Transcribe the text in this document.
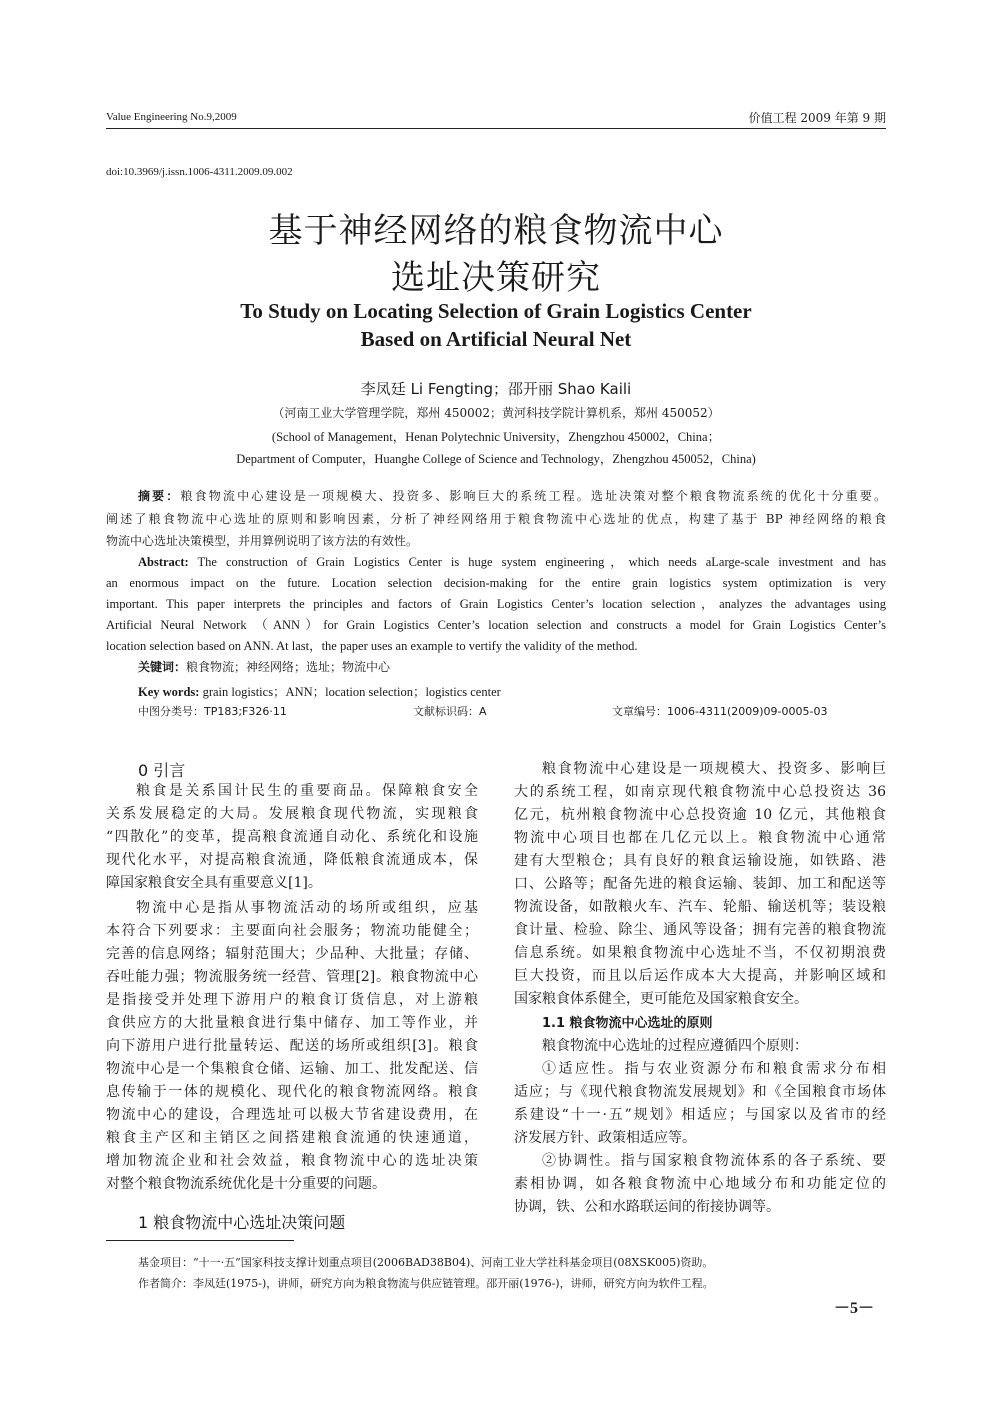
Value Engineering No.9,2009	价值工程 2009 年第 9 期
doi:10.3969/j.issn.1006-4311.2009.09.002
基于神经网络的粮食物流中心
选址决策研究
To Study on Locating Selection of Grain Logistics Center
Based on Artificial Neural Net
李凤廷 Li Fengting；邵开丽 Shao Kaili
（河南工业大学管理学院，郑州 450002；黄河科技学院计算机系，郑州 450052）
(School of Management，Henan Polytechnic University，Zhengzhou 450002，China；
Department of Computer，Huanghe College of Science and Technology，Zhengzhou 450052，China)
摘要：粮食物流中心建设是一项规模大、投资多、影响巨大的系统工程。选址决策对整个粮食物流系统的优化十分重要。
阐述了粮食物流中心选址的原则和影响因素，分析了神经网络用于粮食物流中心选址的优点，构建了基于 BP 神经网络的粮食
物流中心选址决策模型，并用算例说明了该方法的有效性。
Abstract: The construction of Grain Logistics Center is huge system engineering，which needs aLarge-scale investment and has
an enormous impact on the future. Location selection decision-making for the entire grain logistics system optimization is very
important. This paper interprets the principles and factors of Grain Logistics Center’s location selection，analyzes the advantages using
Artificial Neural Network （ANN）for Grain Logistics Center’s location selection and constructs a model for Grain Logistics Center’s
location selection based on ANN. At last，the paper uses an example to vertify the validity of the method.
关键词：粮食物流；神经网络；选址；物流中心
Key words: grain logistics；ANN；location selection；logistics center
中图分类号：TP183;F326·11	文献标识码：A	文章编号：1006-4311(2009)09-0005-03
0 引言
粮食是关系国计民生的重要商品。保障粮食安全
关系发展稳定的大局。发展粮食现代物流，实现粮食
“四散化”的变革，提高粮食流通自动化、系统化和设施
现代化水平，对提高粮食流通，降低粮食流通成本，保
障国家粮食安全具有重要意义[1]。
物流中心是指从事物流活动的场所或组织，应基
本符合下列要求：主要面向社会服务；物流功能健全；
完善的信息网络；辐射范围大；少品种、大批量；存储、
吞吐能力强；物流服务统一经营、管理[2]。粮食物流中心
是指接受并处理下游用户的粮食订货信息，对上游粮
食供应方的大批量粮食进行集中储存、加工等作业，并
向下游用户进行批量转运、配送的场所或组织[3]。粮食
物流中心是一个集粮食仓储、运输、加工、批发配送、信
息传输于一体的规模化、现代化的粮食物流网络。粮食
物流中心的建设，合理选址可以极大节省建设费用，在
粮食主产区和主销区之间搭建粮食流通的快速通道，
增加物流企业和社会效益，粮食物流中心的选址决策
对整个粮食物流系统优化是十分重要的问题。
1 粮食物流中心选址决策问题
粮食物流中心建设是一项规模大、投资多、影响巨
大的系统工程，如南京现代粮食物流中心总投资达 36
亿元，杭州粮食物流中心总投资逾 10 亿元，其他粮食
物流中心项目也都在几亿元以上。粮食物流中心通常
建有大型粮仓；具有良好的粮食运输设施，如铁路、港
口、公路等；配备先进的粮食运输、装卸、加工和配送等
物流设备，如散粮火车、汽车、轮船、输送机等；装设粮
食计量、检验、除尘、通风等设备；拥有完善的粮食物流
信息系统。如果粮食物流中心选址不当，不仅初期浪费
巨大投资，而且以后运作成本大大提高，并影响区域和
国家粮食体系健全，更可能危及国家粮食安全。
1.1 粮食物流中心选址的原则
粮食物流中心选址的过程应遵循四个原则：
①适应性。指与农业资源分布和粮食需求分布相
适应；与《现代粮食物流发展规划》和《全国粮食市场体
系建设“十一·五”规划》相适应；与国家以及省市的经
济发展方针、政策相适应等。
②协调性。指与国家粮食物流体系的各子系统、要
素相协调，如各粮食物流中心地域分布和功能定位的
协调，铁、公和水路联运间的衔接协调等。
基金项目：“十一·五”国家科技支撑计划重点项目(2006BAD38B04)、河南工业大学社科基金项目(08XSK005)资助。
作者简介：李凤廷(1975-)，讲师，研究方向为粮食物流与供应链管理。邵开丽(1976-)，讲师，研究方向为软件工程。
－5－
